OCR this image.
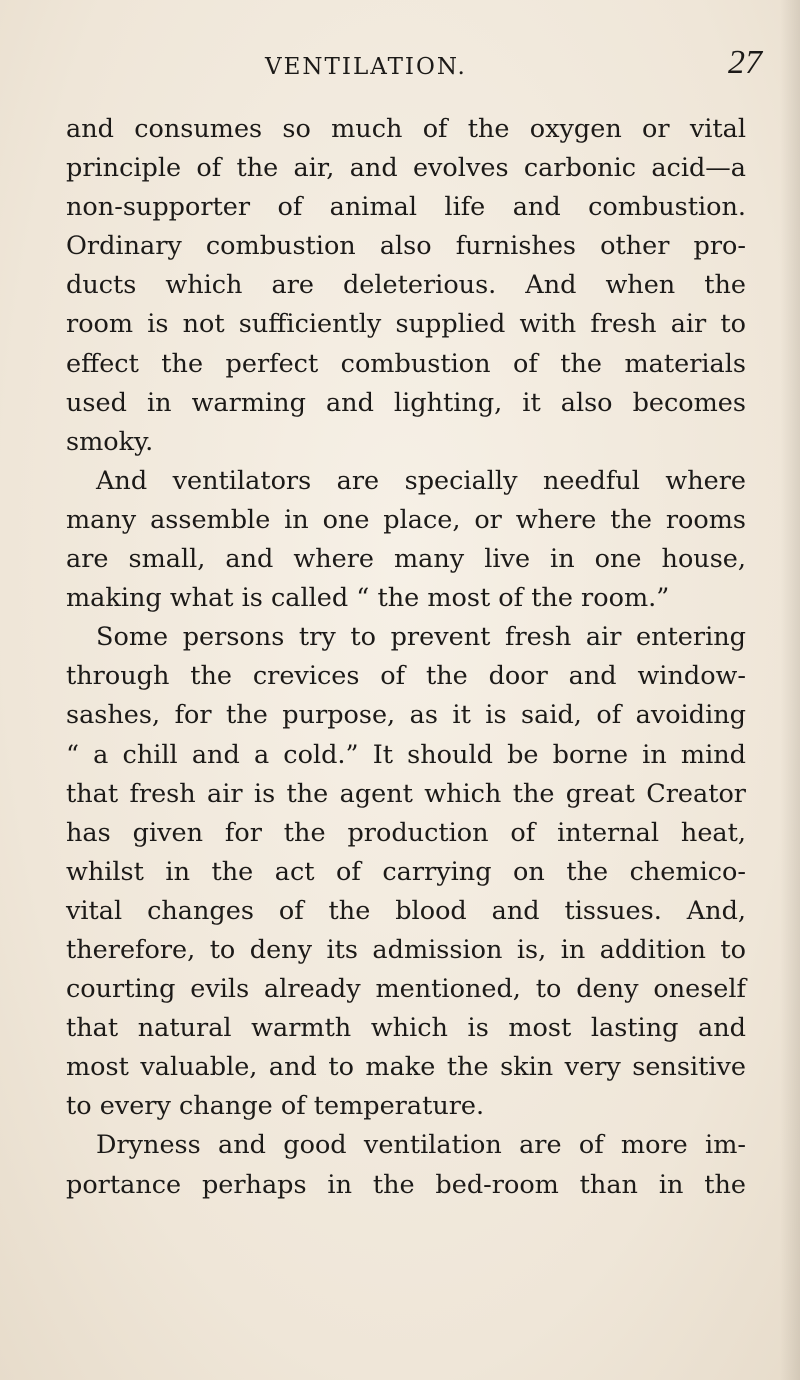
VENTILATION.	27
and consumes so much of the oxygen or vital
principle of the air, and evolves carbonic acid—a
non-supporter of animal life and combustion.
Ordinary combustion also furnishes other pro-
ducts which are deleterious. And when the
room is not sufficiently supplied with fresh air to
effect the perfect combustion of the materials
used in warming and lighting, it also becomes
smoky.
And ventilators are specially needful where
many assemble in one place, or where the rooms
are small, and where many live in one house,
making what is called “ the most of the room.”
Some persons try to prevent fresh air entering
through the crevices of the door and window-
sashes, for the purpose, as it is said, of avoiding
“ a chill and a cold.” It should be borne in mind
that fresh air is the agent which the great Creator
has given for the production of internal heat,
whilst in the act of carrying on the chemico-
vital changes of the blood and tissues. And,
therefore, to deny its admission is, in addition to
courting evils already mentioned, to deny oneself
that natural warmth which is most lasting and
most valuable, and to make the skin very sensitive
to every change of temperature.
Dryness and good ventilation are of more im-
portance perhaps in the bed-room than in the
